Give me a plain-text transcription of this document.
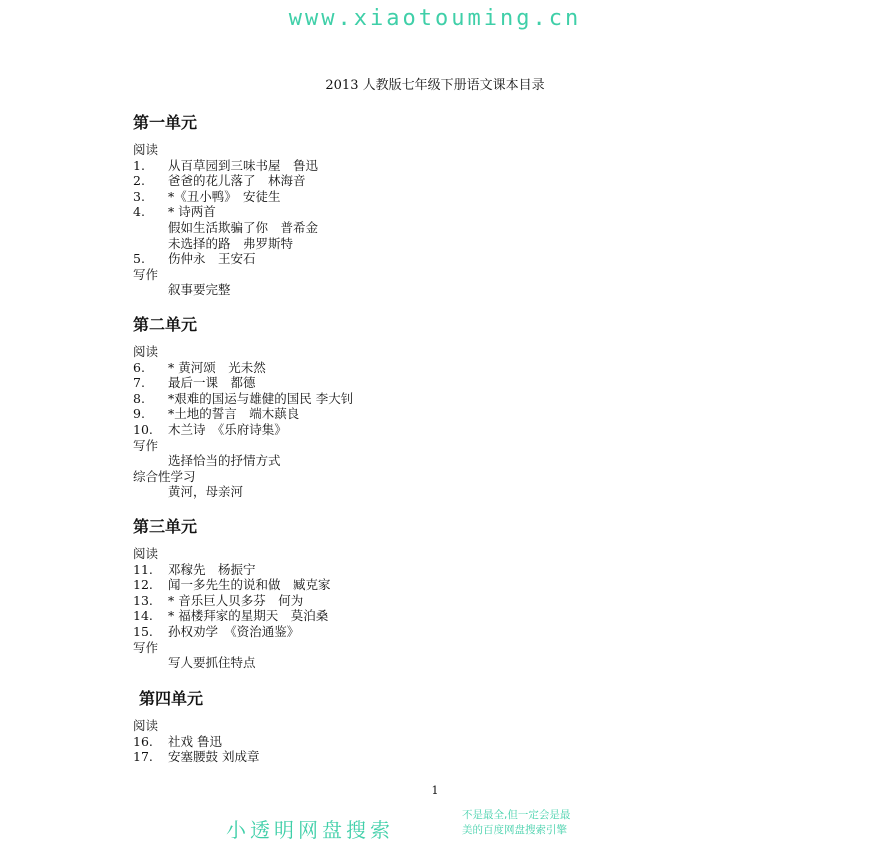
www.xiaotouming.cn
2013 人教版七年级下册语文课本目录
第一单元
阅读
1. 从百草园到三味书屋　鲁迅
2. 爸爸的花儿落了　林海音
3. *《丑小鸭》　安徒生
4. * 诗两首
假如生活欺骗了你　普希金
未选择的路　弗罗斯特
5. 伤仲永　王安石
写作
叙事要完整
第二单元
阅读
6. * 黄河颂　光未然
7. 最后一课　都德
8. *艰难的国运与雄健的国民 李大钊
9. *土地的誓言　端木蕻良
10. 木兰诗　《乐府诗集》
写作
选择恰当的抒情方式
综合性学习
黄河，母亲河
第三单元
阅读
11. 邓稼先　杨振宁
12. 闻一多先生的说和做　臧克家
13. * 音乐巨人贝多芬　何为
14. * 福楼拜家的星期天　莫泊桑
15. 孙权劝学　《资治通鉴》
写作
写人要抓住特点
第四单元
阅读
16. 社戏 鲁迅
17. 安塞腰鼓 刘成章
1
小透明网盘搜索
不是最全,但一定会是最
美的百度网盘搜索引擎
